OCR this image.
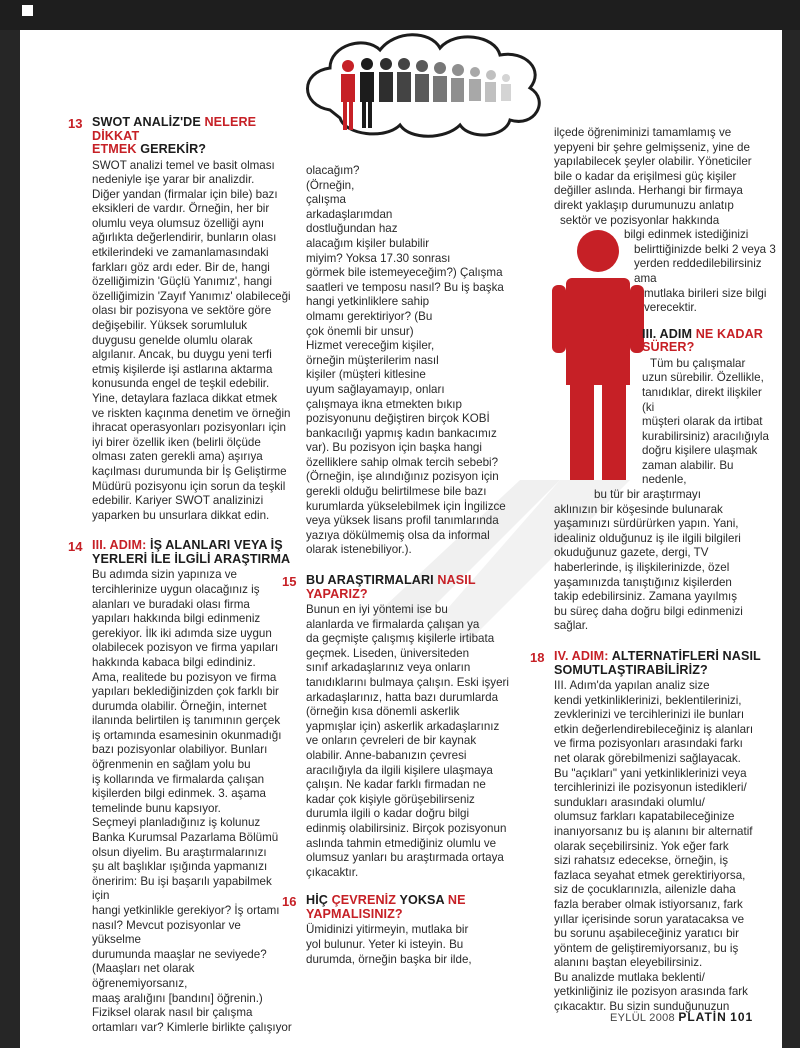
13 SWOT ANALİZ'DE NELERE DİKKAT
ETMEK GEREKİR?

SWOT analizi temel ve basit olması

nedeniyle işe yarar bir analizdir.

Diğer yandan (firmalar için bile) bazı

eksikleri de vardır. Örneğin, her bir

olumlu veya olumsuz özelliği aynı

ağırlıkta değerlendirir, bunların olası

etkilerindeki ve zamanlamasındaki

farkları göz ardı eder. Bir de, hangi

özelliğimizin 'Güçlü Yanımız', hangi

özelliğimizin 'Zayıf Yanımız' olabileceği

olası bir pozisyona ve sektöre göre

değişebilir. Yüksek sorumluluk

duygusu genelde olumlu olarak

algılanır. Ancak, bu duygu yeni terfi

etmiş kişilerde işi astlarına aktarma

konusunda engel de teşkil edebilir.

Yine, detaylara fazlaca dikkat etmek

ve riskten kaçınma denetim ve örneğin

ihracat operasyonları pozisyonları için

iyi birer özellik iken (belirli ölçüde

olması zaten gerekli ama) aşırıya

kaçılması durumunda bir İş Geliştirme

Müdürü pozisyonu için sorun da teşkil

edebilir. Kariyer SWOT analizinizi

yaparken bu unsurlara dikkat edin.

14 III. ADIM: İŞ ALANLARI VEYA İŞ
YERLERİ İLE İLGİLİ ARAŞTIRMA

Bu adımda sizin yapınıza ve

tercihlerinize uygun olacağınız iş

alanları ve buradaki olası firma

yapıları hakkında bilgi edinmeniz

gerekiyor. İlk iki adımda size uygun

olabilecek pozisyon ve firma yapıları

hakkında kabaca bilgi edindiniz.

Ama, realitede bu pozisyon ve firma

yapıları beklediğinizden çok farklı bir

durumda olabilir. Örneğin, internet

ilanında belirtilen iş tanımının gerçek

iş ortamında esamesinin okunmadığı

bazı pozisyonlar olabiliyor. Bunları

öğrenmenin en sağlam yolu bu

iş kollarında ve firmalarda çalışan

kişilerden bilgi edinmek. 3. aşama

temelinde bunu kapsıyor.

Seçmeyi planladığınız iş kolunuz

Banka Kurumsal Pazarlama Bölümü

olsun diyelim. Bu araştırmalarınızı

şu alt başlıklar ışığında yapmanızı

öneririm: Bu işi başarılı yapabilmek için

hangi yetkinlikle gerekiyor? İş ortamı

nasıl? Mevcut pozisyonlar ve yükselme

durumunda maaşlar ne seviyede?

(Maaşları net olarak öğrenemiyorsanız,

maaş aralığını [bandını] öğrenin.)

Fiziksel olarak nasıl bir çalışma

ortamları var? Kimlerle birlikte çalışıyor

olacağım?

(Örneğin,

çalışma

arkadaşlarımdan

dostluğundan haz

alacağım kişiler bulabilir

miyim? Yoksa 17.30 sonrası

görmek bile istemeyeceğim?) Çalışma

saatleri ve temposu nasıl? Bu iş başka

hangi yetkinliklere sahip

olmamı gerektiriyor? (Bu

çok önemli bir unsur)

Hizmet vereceğim kişiler,

örneğin müşterilerim nasıl

kişiler (müşteri kitlesine

uyum sağlayamayıp, onları

çalışmaya ikna etmekten bıkıp

pozisyonunu değiştiren birçok KOBİ

bankacılığı yapmış kadın bankacımız

var). Bu pozisyon için başka hangi

özelliklere sahip olmak tercih sebebi?

(Örneğin, işe alındığınız pozisyon için

gerekli olduğu belirtilmese bile bazı

kurumlarda yükselebilmek için İngilizce

veya yüksek lisans profil tanımlarında

yazıya dökülmemiş olsa da informal

olarak istenebiliyor.).

15 BU ARAŞTIRMALARI NASIL
YAPARIZ?

Bunun en iyi yöntemi ise bu

alanlarda ve firmalarda çalışan ya

da geçmişte çalışmış kişilerle irtibata

geçmek. Liseden, üniversiteden

sınıf arkadaşlarınız veya onların

tanıdıklarını bulmaya çalışın. Eski işyeri

arkadaşlarınız, hatta bazı durumlarda

(örneğin kısa dönemli askerlik

yapmışlar için) askerlik arkadaşlarınız

ve onların çevreleri de bir kaynak

olabilir. Anne-babanızın çevresi

aracılığıyla da ilgili kişilere ulaşmaya

çalışın. Ne kadar farklı firmadan ne

kadar çok kişiyle görüşebilirseniz

durumla ilgili o kadar doğru bilgi

edinmiş olabilirsiniz. Birçok pozisyonun

aslında tahmin etmediğiniz olumlu ve

olumsuz yanları bu araştırmada ortaya

çıkacaktır.

16 HİÇ ÇEVRENİZ YOKSA NE
YAPMALISINIZ?

Ümidinizi yitirmeyin, mutlaka bir

yol bulunur. Yeter ki isteyin. Bu

durumda, örneğin başka bir ilde,

ilçede öğreniminizi tamamlamış ve

yepyeni bir şehre gelmişseniz, yine de

yapılabilecek şeyler olabilir. Yöneticiler

bile o kadar da erişilmesi güç kişiler

değiller aslında. Herhangi bir firmaya

direkt yaklaşıp durumunuzu anlatıp

sektör ve pozisyonlar hakkında

bilgi edinmek istediğinizi

belirttiğinizde belki 2 veya 3

yerden reddedilebilirsiniz ama

mutlaka birileri size bilgi

verecektir.

17 III. ADIM NE KADAR
SÜRER?

Tüm bu çalışmalar

uzun sürebilir. Özellikle,

tanıdıklar, direkt ilişkiler (ki

müşteri olarak da irtibat

kurabilirsiniz) aracılığıyla

doğru kişilere ulaşmak

zaman alabilir. Bu nedenle,

bu tür bir araştırmayı

aklınızın bir köşesinde bulunarak

yaşamınızı sürdürürken yapın. Yani,

idealiniz olduğunuz iş ile ilgili bilgileri

okuduğunuz gazete, dergi, TV

haberlerinde, iş ilişkilerinizde, özel

yaşamınızda tanıştığınız kişilerden

takip edebilirsiniz. Zamana yayılmış

bu süreç daha doğru bilgi edinmenizi

sağlar.

18 IV. ADIM: ALTERNATİFLERİ NASIL
SOMUTLAŞTIRABİLİRİZ?

III. Adım'da yapılan analiz size

kendi yetkinliklerinizi, beklentilerinizi,

zevklerinizi ve tercihlerinizi ile bunları

etkin değerlendirebileceğiniz iş alanları

ve firma pozisyonları arasındaki farkı

net olarak görebilmenizi sağlayacak.

Bu "açıkları" yani yetkinliklerinizi veya

tercihlerinizi ile pozisyonun istedikleri/

sundukları arasındaki olumlu/

olumsuz farkları kapatabileceğinize

inanıyorsanız bu iş alanını bir alternatif

olarak seçebilirsiniz. Yok eğer fark

sizi rahatsız edecekse, örneğin, iş

fazlaca seyahat etmek gerektiriyorsa,

siz de çocuklarınızla, ailenizle daha

fazla beraber olmak istiyorsanız, fark

yıllar içerisinde sorun yaratacaksa ve

bu sorunu aşabileceğiniz yaratıcı bir

yöntem de geliştiremiyorsanız, bu iş

alanını baştan eleyebilirsiniz.

Bu analizde mutlaka beklenti/

yetkinliğiniz ile pozisyon arasında fark

çıkacaktır. Bu sizin sunduğunuzun

EYLÜL 2008 PLATİN 101
